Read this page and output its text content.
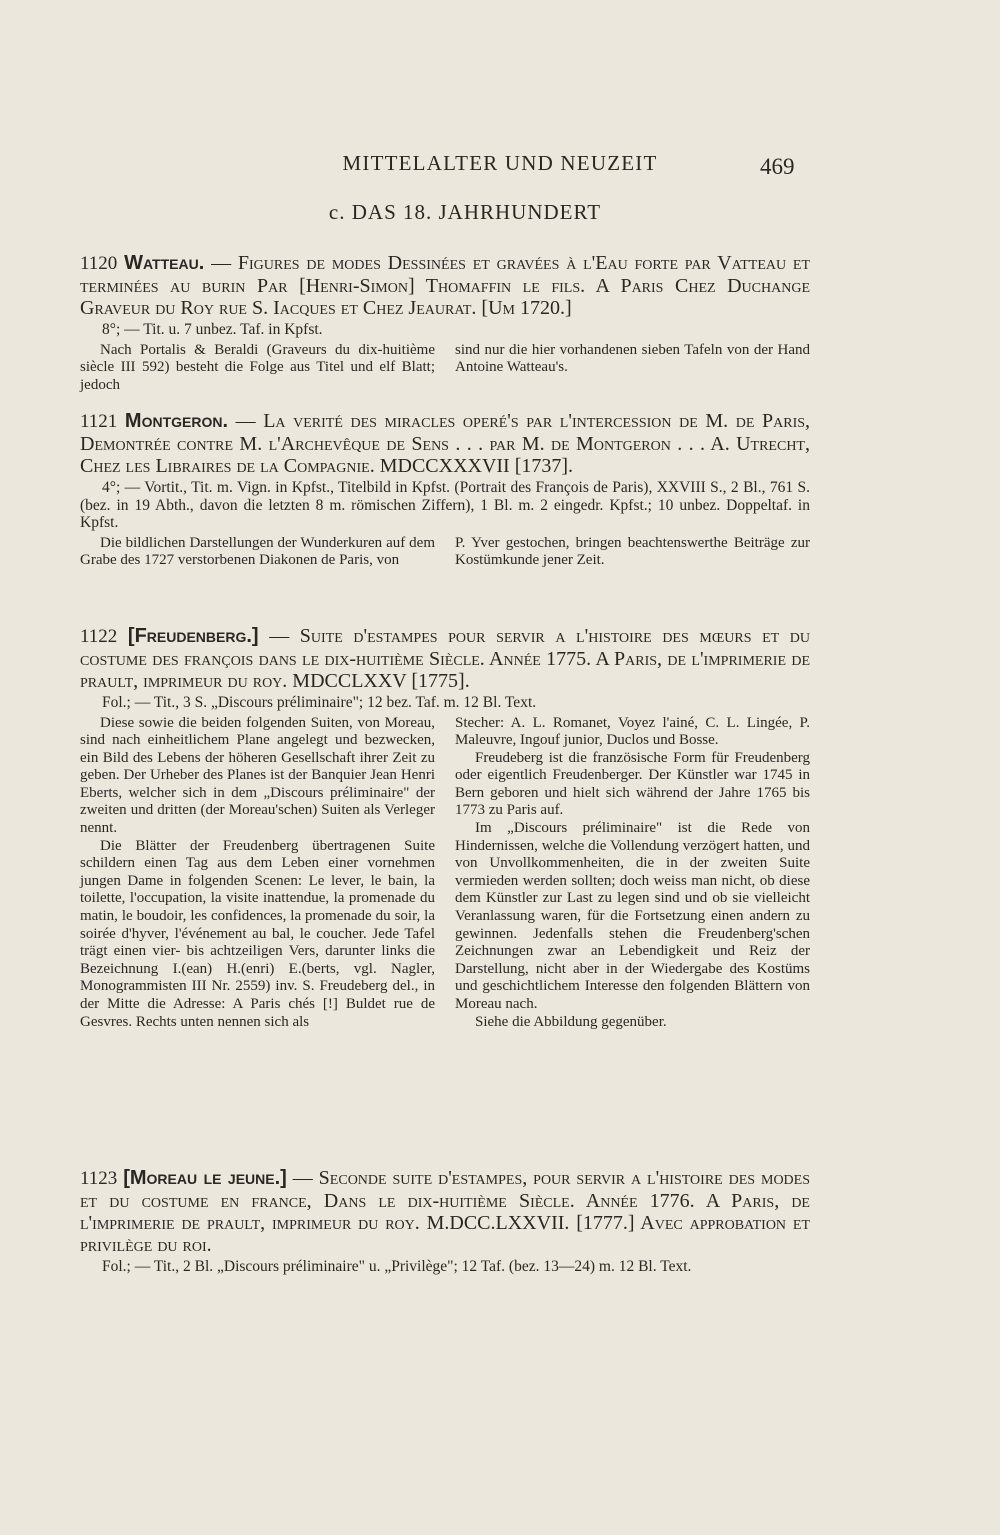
MITTELALTER UND NEUZEIT	469
c. DAS 18. JAHRHUNDERT
1120 Watteau. — Figures de modes Dessinées et gravées à l'Eau forte par Vatteau et terminées au burin Par [Henri-Simon] Thomaffin le fils. A Paris Chez Duchange Graveur du Roy rue S. Iacques et Chez Jeaurat. [Um 1720.]
8°; — Tit. u. 7 unbez. Taf. in Kpfst.

Nach Portalis & Beraldi (Graveurs du dix-huitième siècle III 592) besteht die Folge aus Titel und elf Blatt; jedoch

sind nur die hier vorhandenen sieben Tafeln von der Hand Antoine Watteau's.

1121 Montgeron. — La verité des miracles operé's par l'intercession de M. de Paris, Demontrée contre M. l'Archevêque de Sens . . . par M. de Montgeron . . . A. Utrecht, Chez les Libraires de la Compagnie. MDCCXXXVII [1737].
4°; — Vortit., Tit. m. Vign. in Kpfst., Titelbild in Kpfst. (Portrait des François de Paris), XXVIII S., 2 Bl., 761 S. (bez. in 19 Abth., davon die letzten 8 m. römischen Ziffern), 1 Bl. m. 2 eingedr. Kpfst.; 10 unbez. Doppeltaf. in Kpfst.

Die bildlichen Darstellungen der Wunderkuren auf dem Grabe des 1727 verstorbenen Diakonen de Paris, von

P. Yver gestochen, bringen beachtenswerthe Beiträge zur Kostümkunde jener Zeit.

1122 [Freudenberg.] — Suite d'estampes pour servir a l'histoire des mœurs et du costume des françois dans le dix-huitième Siècle. Année 1775. A Paris, de l'imprimerie de prault, imprimeur du roy. MDCCLXXV [1775].
Fol.; — Tit., 3 S. „Discours préliminaire"; 12 bez. Taf. m. 12 Bl. Text.

Diese sowie die beiden folgenden Suiten, von Moreau, sind nach einheitlichem Plane angelegt und bezwecken, ein Bild des Lebens der höheren Gesellschaft ihrer Zeit zu geben. Der Urheber des Planes ist der Banquier Jean Henri Eberts, welcher sich in dem „Discours préliminaire" der zweiten und dritten (der Moreau'schen) Suiten als Verleger nennt.

Die Blätter der Freudenberg übertragenen Suite schildern einen Tag aus dem Leben einer vornehmen jungen Dame in folgenden Scenen: Le lever, le bain, la toilette, l'occupation, la visite inattendue, la promenade du matin, le boudoir, les confidences, la promenade du soir, la soirée d'hyver, l'événement au bal, le coucher. Jede Tafel trägt einen vier- bis achtzeiligen Vers, darunter links die Bezeichnung I.(ean) H.(enri) E.(berts, vgl. Nagler, Monogrammisten III Nr. 2559) inv. S. Freudeberg del., in der Mitte die Adresse: A Paris chés [!] Buldet rue de Gesvres. Rechts unten nennen sich als

Stecher: A. L. Romanet, Voyez l'ainé, C. L. Lingée, P. Maleuvre, Ingouf junior, Duclos und Bosse.

Freudeberg ist die französische Form für Freudenberg oder eigentlich Freudenberger. Der Künstler war 1745 in Bern geboren und hielt sich während der Jahre 1765 bis 1773 zu Paris auf.

Im „Discours préliminaire" ist die Rede von Hindernissen, welche die Vollendung verzögert hatten, und von Unvollkommenheiten, die in der zweiten Suite vermieden werden sollten; doch weiss man nicht, ob diese dem Künstler zur Last zu legen sind und ob sie vielleicht Veranlassung waren, für die Fortsetzung einen andern zu gewinnen. Jedenfalls stehen die Freudenberg'schen Zeichnungen zwar an Lebendigkeit und Reiz der Darstellung, nicht aber in der Wiedergabe des Kostüms und geschichtlichem Interesse den folgenden Blättern von Moreau nach.

Siehe die Abbildung gegenüber.

1123 [Moreau le jeune.] — Seconde suite d'estampes, pour servir a l'histoire des modes et du costume en france, Dans le dix-huitième Siècle. Année 1776. A Paris, de l'imprimerie de prault, imprimeur du roy. M.DCC.LXXVII. [1777.] Avec approbation et privilège du roi.
Fol.; — Tit., 2 Bl. „Discours préliminaire" u. „Privilège"; 12 Taf. (bez. 13—24) m. 12 Bl. Text.
